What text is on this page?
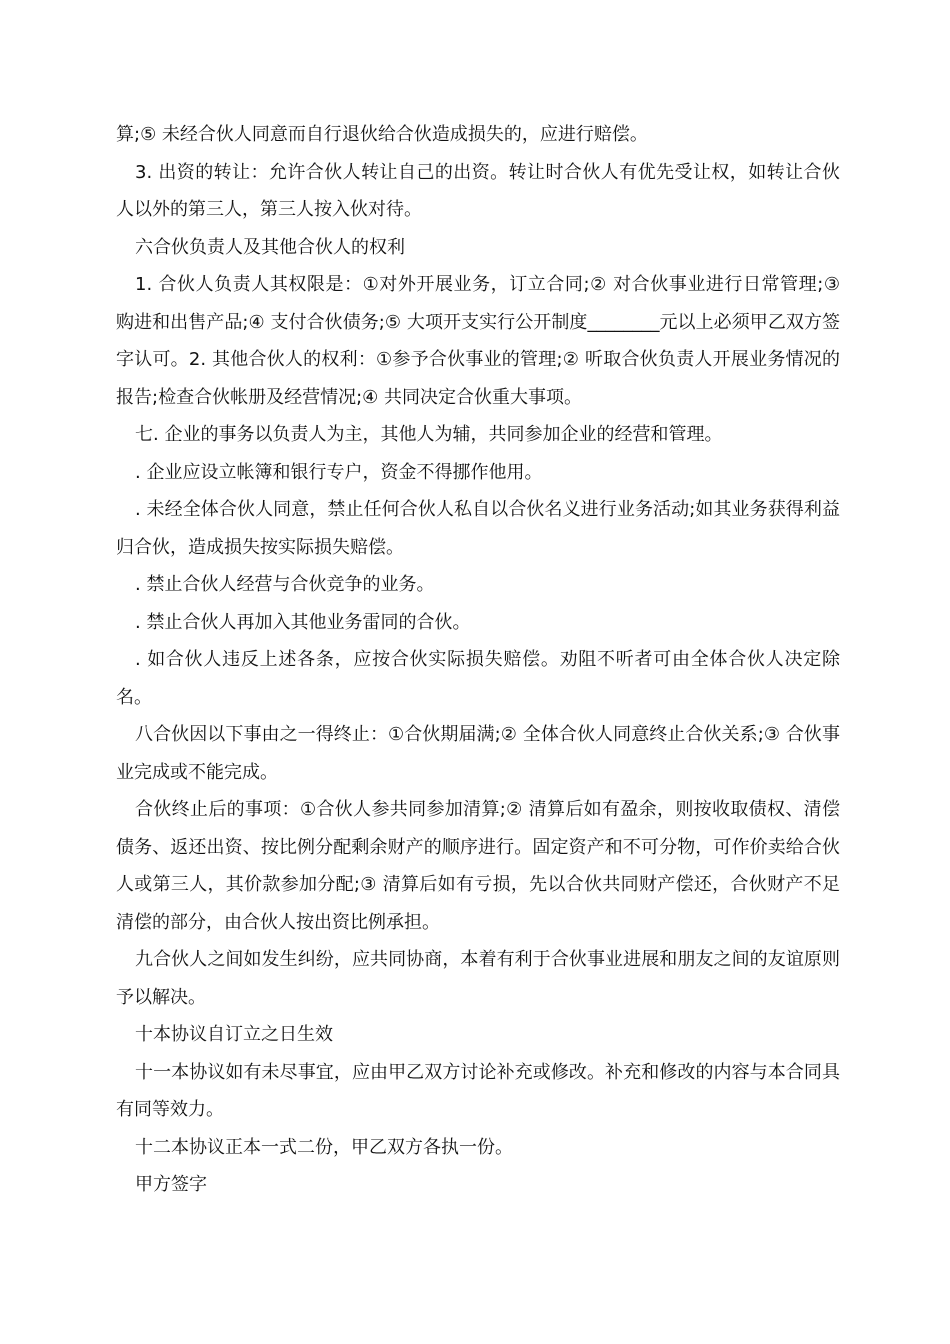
算;⑤ 未经合伙人同意而自行退伙给合伙造成损失的，应进行赔偿。

3. 出资的转让：允许合伙人转让自己的出资。转让时合伙人有优先受让权，如转让合伙人以外的第三人，第三人按入伙对待。

六合伙负责人及其他合伙人的权利

1. 合伙人负责人其权限是：①对外开展业务，订立合同;② 对合伙事业进行日常管理;③ 购进和出售产品;④ 支付合伙债务;⑤ 大项开支实行公开制度________元以上必须甲乙双方签字认可。2. 其他合伙人的权利：①参予合伙事业的管理;② 听取合伙负责人开展业务情况的报告;检查合伙帐册及经营情况;④ 共同决定合伙重大事项。

七. 企业的事务以负责人为主，其他人为辅，共同参加企业的经营和管理。

. 企业应设立帐簿和银行专户，资金不得挪作他用。

. 未经全体合伙人同意，禁止任何合伙人私自以合伙名义进行业务活动;如其业务获得利益归合伙，造成损失按实际损失赔偿。

. 禁止合伙人经营与合伙竞争的业务。

. 禁止合伙人再加入其他业务雷同的合伙。

. 如合伙人违反上述各条，应按合伙实际损失赔偿。劝阻不听者可由全体合伙人决定除名。

八合伙因以下事由之一得终止：①合伙期届满;② 全体合伙人同意终止合伙关系;③ 合伙事业完成或不能完成。

合伙终止后的事项：①合伙人参共同参加清算;② 清算后如有盈余，则按收取债权、清偿债务、返还出资、按比例分配剩余财产的顺序进行。固定资产和不可分物，可作价卖给合伙人或第三人，其价款参加分配;③ 清算后如有亏损，先以合伙共同财产偿还，合伙财产不足清偿的部分，由合伙人按出资比例承担。

九合伙人之间如发生纠纷，应共同协商，本着有利于合伙事业进展和朋友之间的友谊原则予以解决。

十本协议自订立之日生效

十一本协议如有未尽事宜，应由甲乙双方讨论补充或修改。补充和修改的内容与本合同具有同等效力。

十二本协议正本一式二份，甲乙双方各执一份。

甲方签字
